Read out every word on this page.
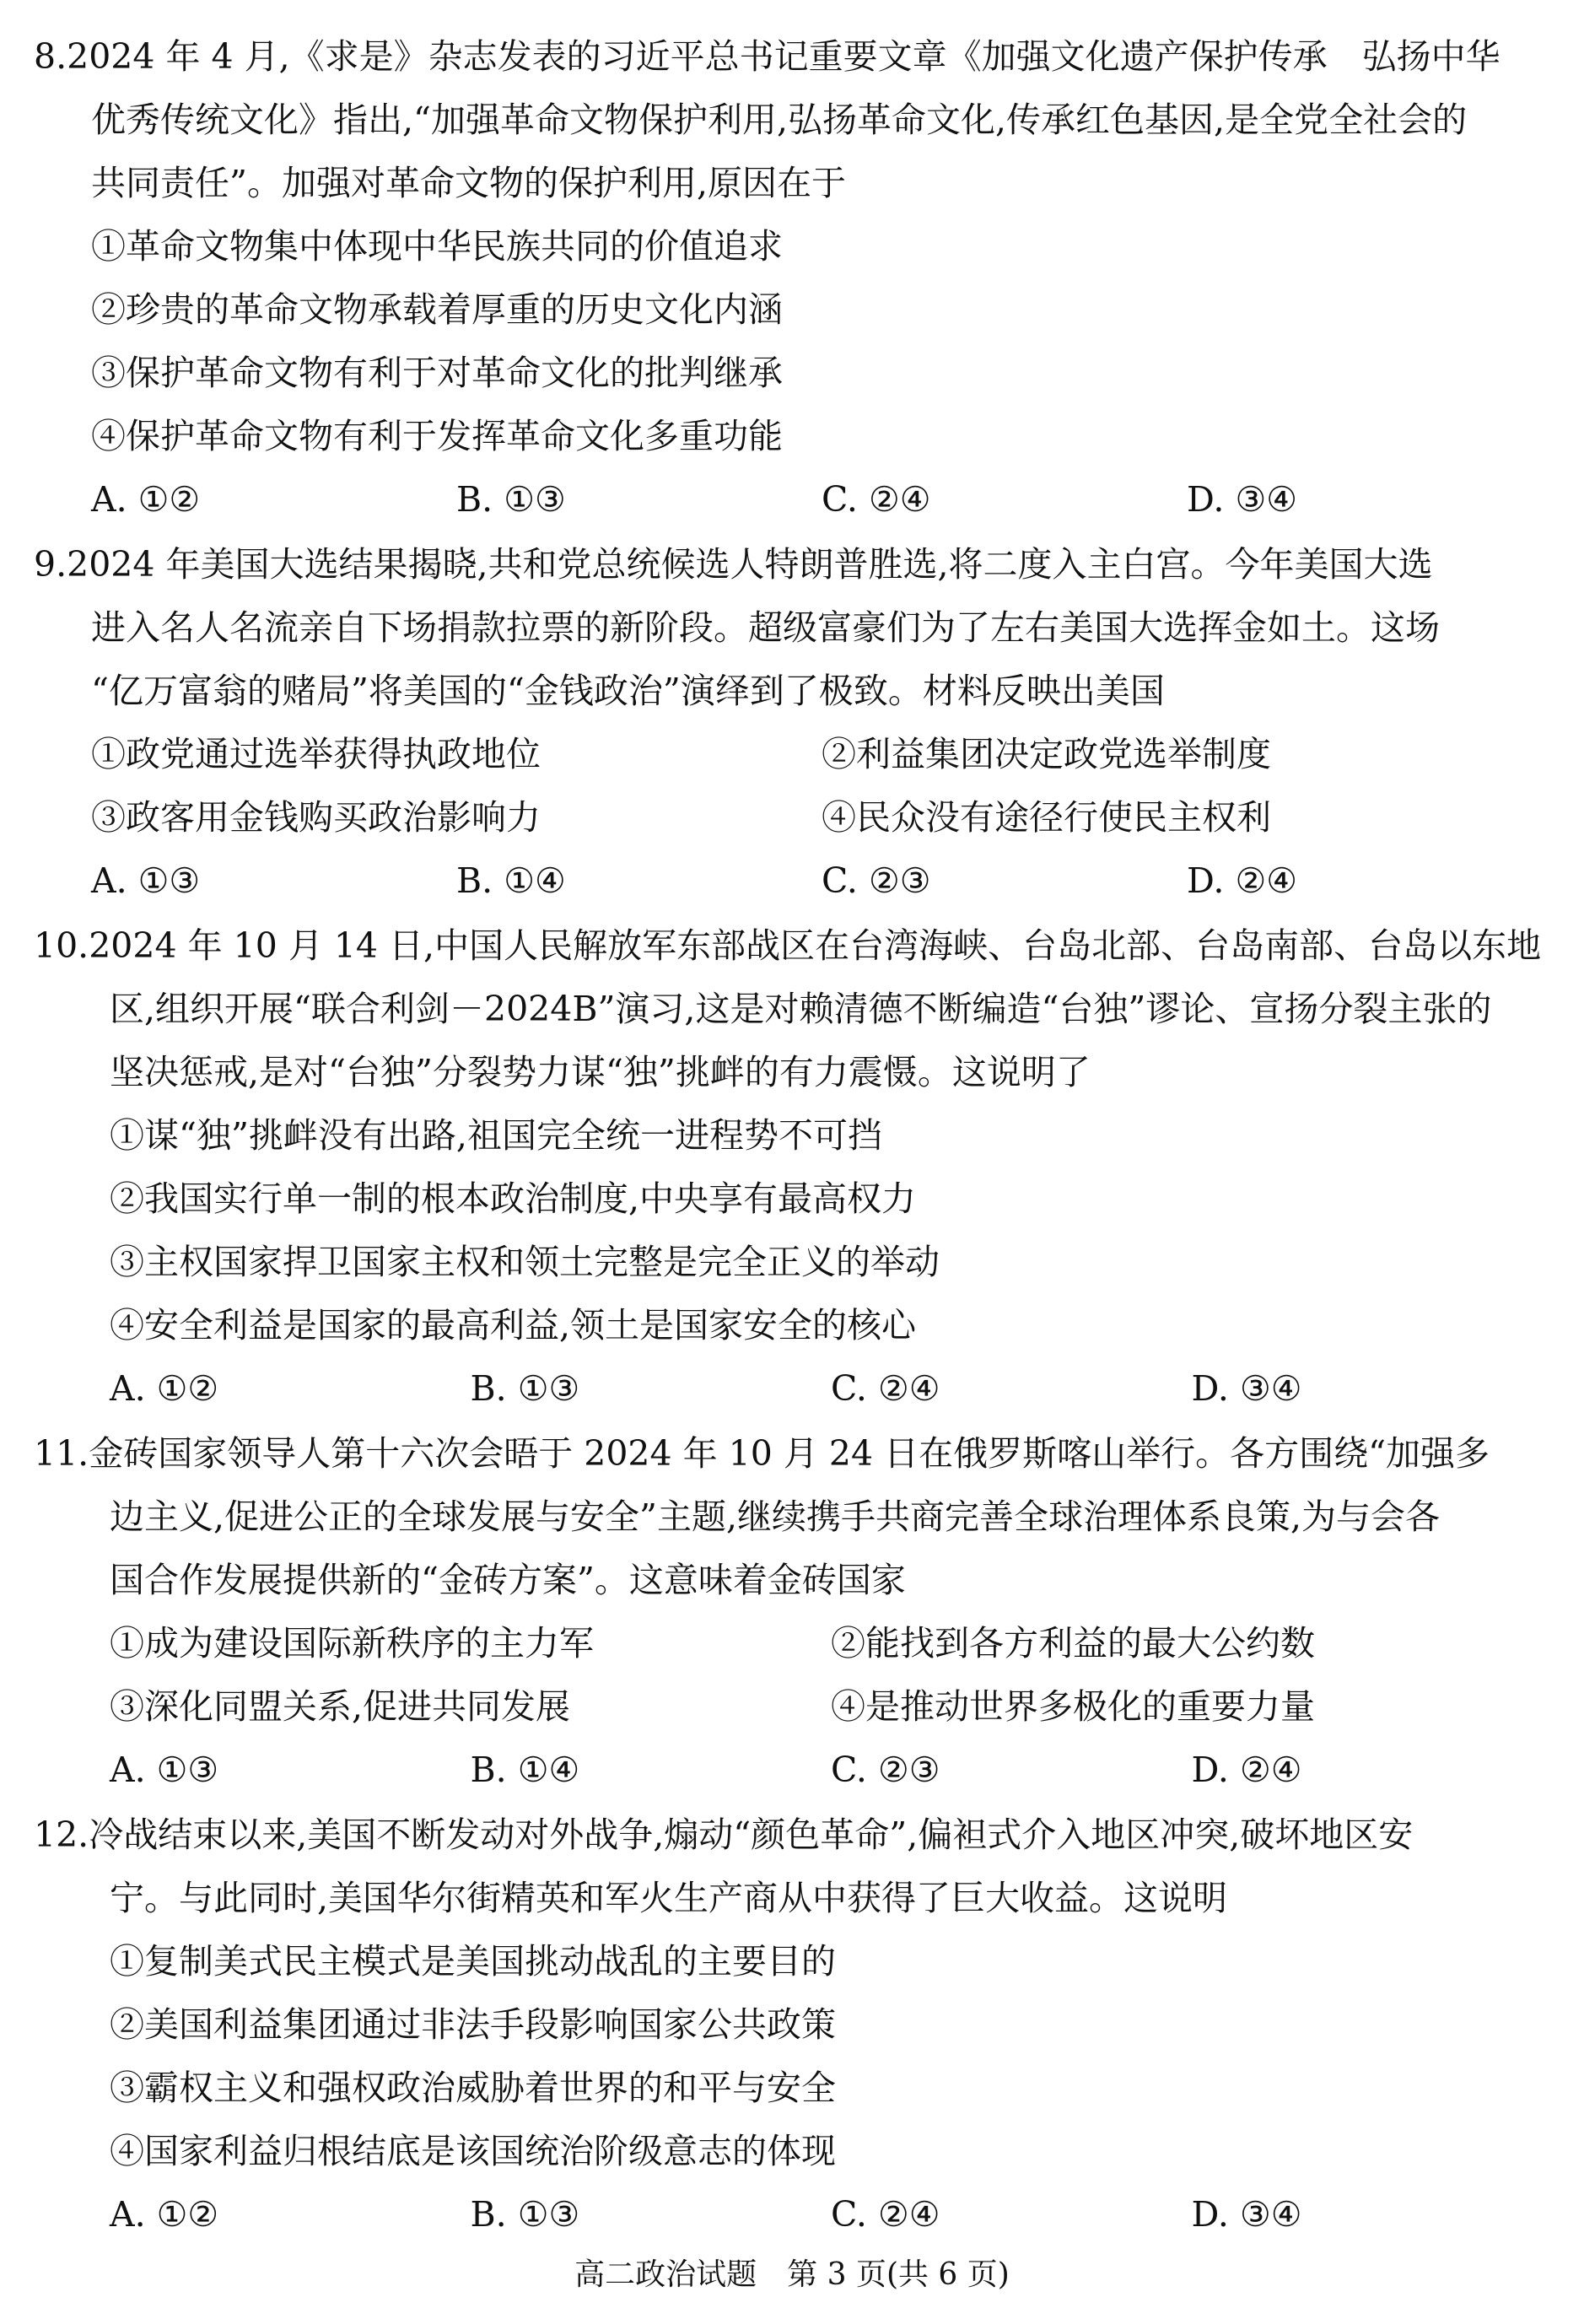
8.2024 年 4 月,《求是》杂志发表的习近平总书记重要文章《加强文化遗产保护传承　弘扬中华
优秀传统文化》指出,“加强革命文物保护利用,弘扬革命文化,传承红色基因,是全党全社会的
共同责任”。加强对革命文物的保护利用,原因在于
①革命文物集中体现中华民族共同的价值追求
②珍贵的革命文物承载着厚重的历史文化内涵
③保护革命文物有利于对革命文化的批判继承
④保护革命文物有利于发挥革命文化多重功能
A. ①②	B. ①③	C. ②④	D. ③④
9.2024 年美国大选结果揭晓,共和党总统候选人特朗普胜选,将二度入主白宫。今年美国大选
进入名人名流亲自下场捐款拉票的新阶段。超级富豪们为了左右美国大选挥金如土。这场
“亿万富翁的赌局”将美国的“金钱政治”演绎到了极致。材料反映出美国
①政党通过选举获得执政地位	②利益集团决定政党选举制度
③政客用金钱购买政治影响力	④民众没有途径行使民主权利
A. ①③	B. ①④	C. ②③	D. ②④
10.2024 年 10 月 14 日,中国人民解放军东部战区在台湾海峡、台岛北部、台岛南部、台岛以东地
区,组织开展“联合利剑－2024B”演习,这是对赖清德不断编造“台独”谬论、宣扬分裂主张的
坚决惩戒,是对“台独”分裂势力谋“独”挑衅的有力震慑。这说明了
①谋“独”挑衅没有出路,祖国完全统一进程势不可挡
②我国实行单一制的根本政治制度,中央享有最高权力
③主权国家捍卫国家主权和领土完整是完全正义的举动
④安全利益是国家的最高利益,领土是国家安全的核心
A. ①②	B. ①③	C. ②④	D. ③④
11.金砖国家领导人第十六次会晤于 2024 年 10 月 24 日在俄罗斯喀山举行。各方围绕“加强多
边主义,促进公正的全球发展与安全”主题,继续携手共商完善全球治理体系良策,为与会各
国合作发展提供新的“金砖方案”。这意味着金砖国家
①成为建设国际新秩序的主力军	②能找到各方利益的最大公约数
③深化同盟关系,促进共同发展	④是推动世界多极化的重要力量
A. ①③	B. ①④	C. ②③	D. ②④
12.冷战结束以来,美国不断发动对外战争,煽动“颜色革命”,偏袒式介入地区冲突,破坏地区安
宁。与此同时,美国华尔街精英和军火生产商从中获得了巨大收益。这说明
①复制美式民主模式是美国挑动战乱的主要目的
②美国利益集团通过非法手段影响国家公共政策
③霸权主义和强权政治威胁着世界的和平与安全
④国家利益归根结底是该国统治阶级意志的体现
A. ①②	B. ①③	C. ②④	D. ③④
高二政治试题　第 3 页(共 6 页)
